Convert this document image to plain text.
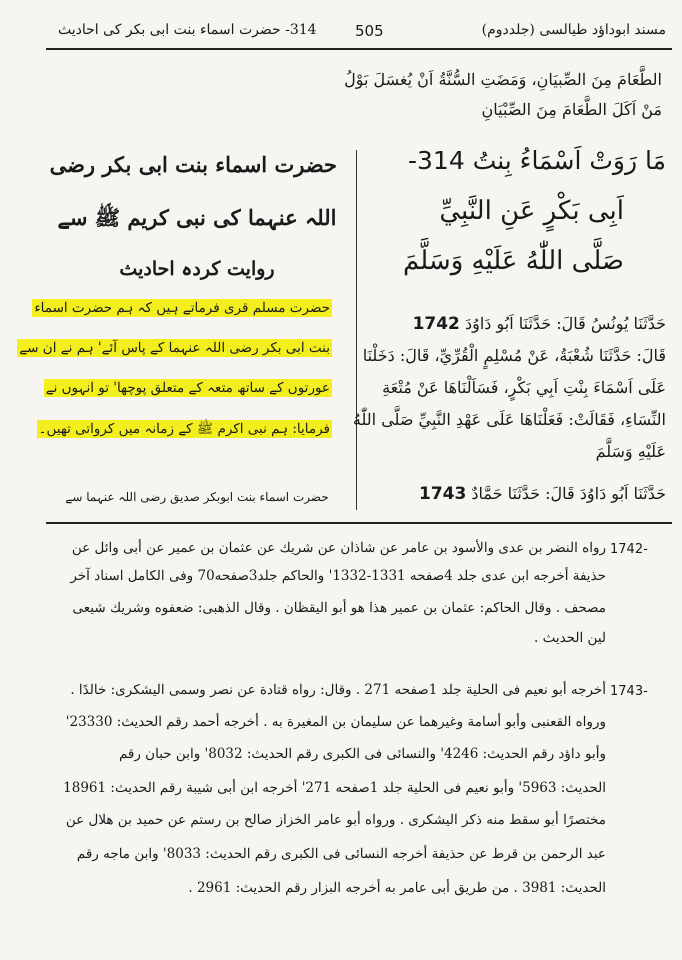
مسند ابوداؤد طیالسی (جلددوم)
505
314- حضرت اسماء بنت ابی بکر کی احادیث
الطَّعَامَ مِنَ الصِّبيَانِ، وَمَضَتِ السُّنَّةُ اَنْ يُغسَلَ بَوْلُ
مَنْ اَكَلَ الطَّعَامَ مِنَ الصِّبْيَانِ
مَا رَوَتْ اَسْمَاءُ بِنتُ 314-
اَبِى بَكْرٍ عَنِ النَّبِيِّ
صَلَّى اللّٰهُ عَلَيْهِ وَسَلَّمَ
حضرت اسماء بنت ابی بکر رضی
اللہ عنہما کی نبی کریم ﷺ سے
روایت کردہ احادیث
حَدَّثَنَا يُونُسُ قَالَ: حَدَّثَنَا اَبُو دَاوُدَ 1742
قَالَ: حَدَّثَنَا شُعْبَةُ، عَنْ مُسْلِمٍ الْقُرِّيِّ، قَالَ: دَخَلْنَا
عَلَى اَسْمَاءَ بِنْتِ اَبِي بَكْرٍ، فَسَاَلْنَاهَا عَنْ مُتْعَةِ
النِّسَاءِ، فَقَالَتْ: فَعَلْنَاهَا عَلَى عَهْدِ النَّبِيِّ صَلَّى اللّٰهُ
عَلَيْهِ وَسَلَّمَ
حضرت مسلم قری فرماتے ہیں کہ ہم حضرت اسماء
بنت ابی بکر رضی اللہ عنہما کے پاس آئے' ہم نے ان سے
عورتوں کے ساتھ متعہ کے متعلق پوچھا' تو انہوں نے
فرمایا: ہم نبی اکرم ﷺ کے زمانہ میں کرواتی تھیں۔
حَدَّثَنَا اَبُو دَاوُدَ قَالَ: حَدَّثَنَا حَمَّادٌ 1743
حضرت اسماء بنت ابوبکر صدیق رضی اللہ عنہما سے
1742-
رواه النضر بن عدى والأسود بن عامر عن شاذان عن شريك عن عثمان بن عمير عن أبى وائل عن
حذيفة أخرجه ابن عدى جلد 4صفحه 1331-1332' والحاكم جلد3صفحه70 وفى الكامل اسناد آخر
مصحف . وقال الحاكم: عثمان بن عمير هذا هو أبو اليقظان . وقال الذهبى: ضعفوه وشريك شيعى
لين الحديث .
1743-
أخرجه أبو نعيم فى الحلية جلد 1صفحه 271 . وقال: رواه قتادة عن نصر وسمى اليشكرى: خالدًا .
ورواه القعنبى وأبو أسامة وغيرهما عن سليمان بن المغيرة به . أخرجه أحمد رقم الحديث: 23330'
وأبو داؤد رقم الحديث: 4246' والنسائى فى الكبرى رقم الحديث: 8032' وابن حبان رقم
الحديث: 5963' وأبو نعيم فى الحلية جلد 1صفحه 271' أخرجه ابن أبى شيبة رقم الحديث: 18961
مختصرًا أبو سقط منه ذكر اليشكرى . ورواه أبو عامر الخزاز صالح بن رستم عن حميد بن هلال عن
عبد الرحمن بن قرط عن حذيفة أخرجه النسائى فى الكبرى رقم الحديث: 8033' وابن ماجه رقم
الحديث: 3981 . من طريق أبى عامر به أخرجه البزار رقم الحديث: 2961 .
